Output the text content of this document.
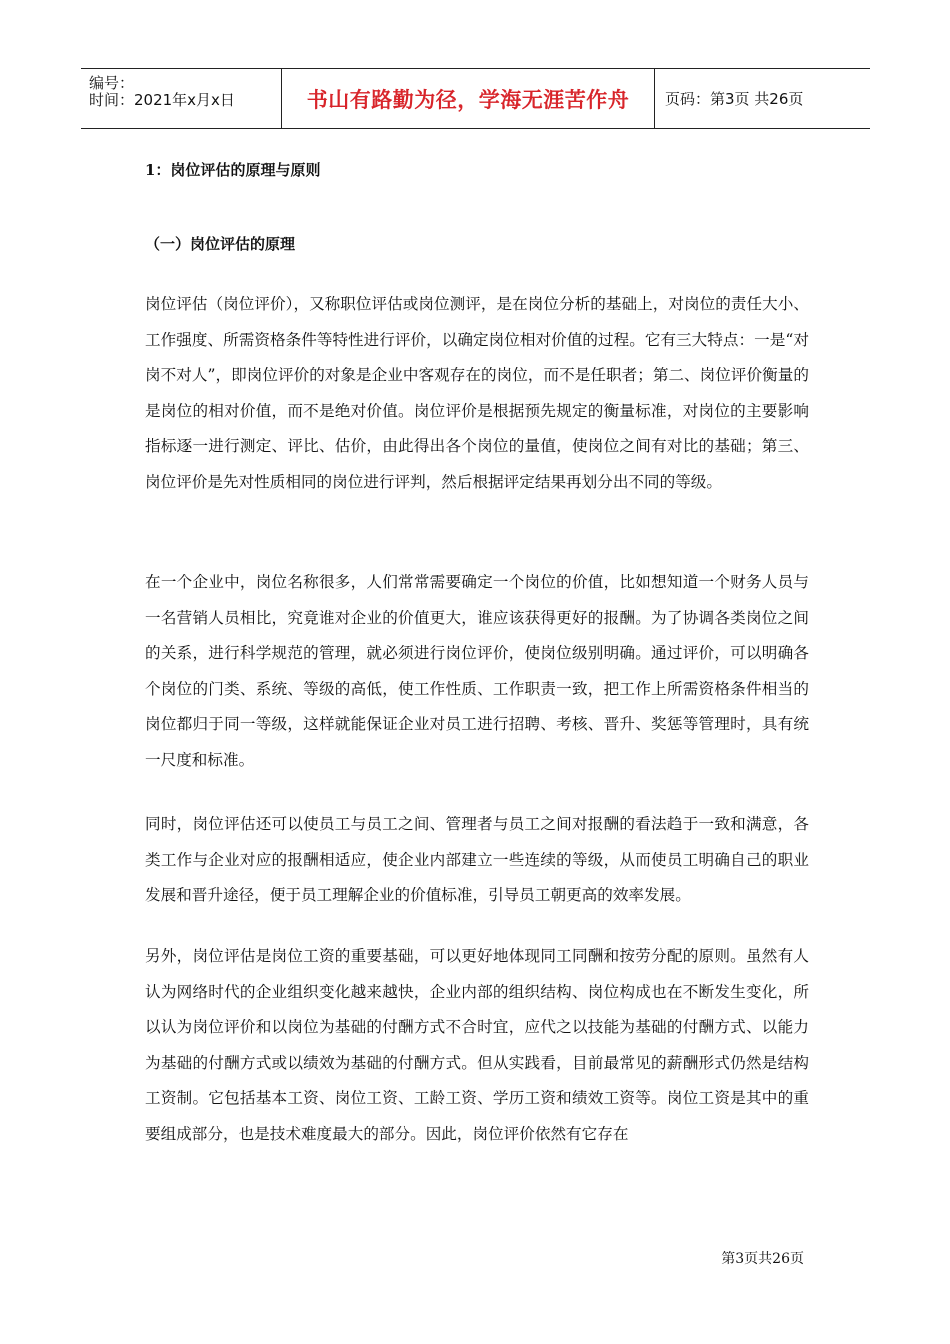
编号：
时间：2021年x月x日	书山有路勤为径，学海无涯苦作舟 页码：第3页 共26页
1：岗位评估的原理与原则
（一）岗位评估的原理

岗位评估（岗位评价），又称职位评估或岗位测评，是在岗位分析的基础上，对岗位的责任大小、工作强度、所需资格条件等特性进行评价，以确定岗位相对价值的过程。它有三大特点：一是“对岗不对人”，即岗位评价的对象是企业中客观存在的岗位，而不是任职者；第二、岗位评价衡量的是岗位的相对价值，而不是绝对价值。岗位评价是根据预先规定的衡量标准，对岗位的主要影响指标逐一进行测定、评比、估价，由此得出各个岗位的量值，使岗位之间有对比的基础；第三、岗位评价是先对性质相同的岗位进行评判，然后根据评定结果再划分出不同的等级。

在一个企业中，岗位名称很多，人们常常需要确定一个岗位的价值，比如想知道一个财务人员与一名营销人员相比，究竟谁对企业的价值更大，谁应该获得更好的报酬。为了协调各类岗位之间的关系，进行科学规范的管理，就必须进行岗位评价，使岗位级别明确。通过评价，可以明确各个岗位的门类、系统、等级的高低，使工作性质、工作职责一致，把工作上所需资格条件相当的岗位都归于同一等级，这样就能保证企业对员工进行招聘、考核、晋升、奖惩等管理时，具有统一尺度和标准。

同时，岗位评估还可以使员工与员工之间、管理者与员工之间对报酬的看法趋于一致和满意，各类工作与企业对应的报酬相适应，使企业内部建立一些连续的等级，从而使员工明确自己的职业发展和晋升途径，便于员工理解企业的价值标准，引导员工朝更高的效率发展。

另外，岗位评估是岗位工资的重要基础，可以更好地体现同工同酬和按劳分配的原则。虽然有人认为网络时代的企业组织变化越来越快，企业内部的组织结构、岗位构成也在不断发生变化，所以认为岗位评价和以岗位为基础的付酬方式不合时宜，应代之以技能为基础的付酬方式、以能力为基础的付酬方式或以绩效为基础的付酬方式。但从实践看，目前最常见的薪酬形式仍然是结构工资制。它包括基本工资、岗位工资、工龄工资、学历工资和绩效工资等。岗位工资是其中的重要组成部分，也是技术难度最大的部分。因此，岗位评价依然有它存在

第3页共26页
